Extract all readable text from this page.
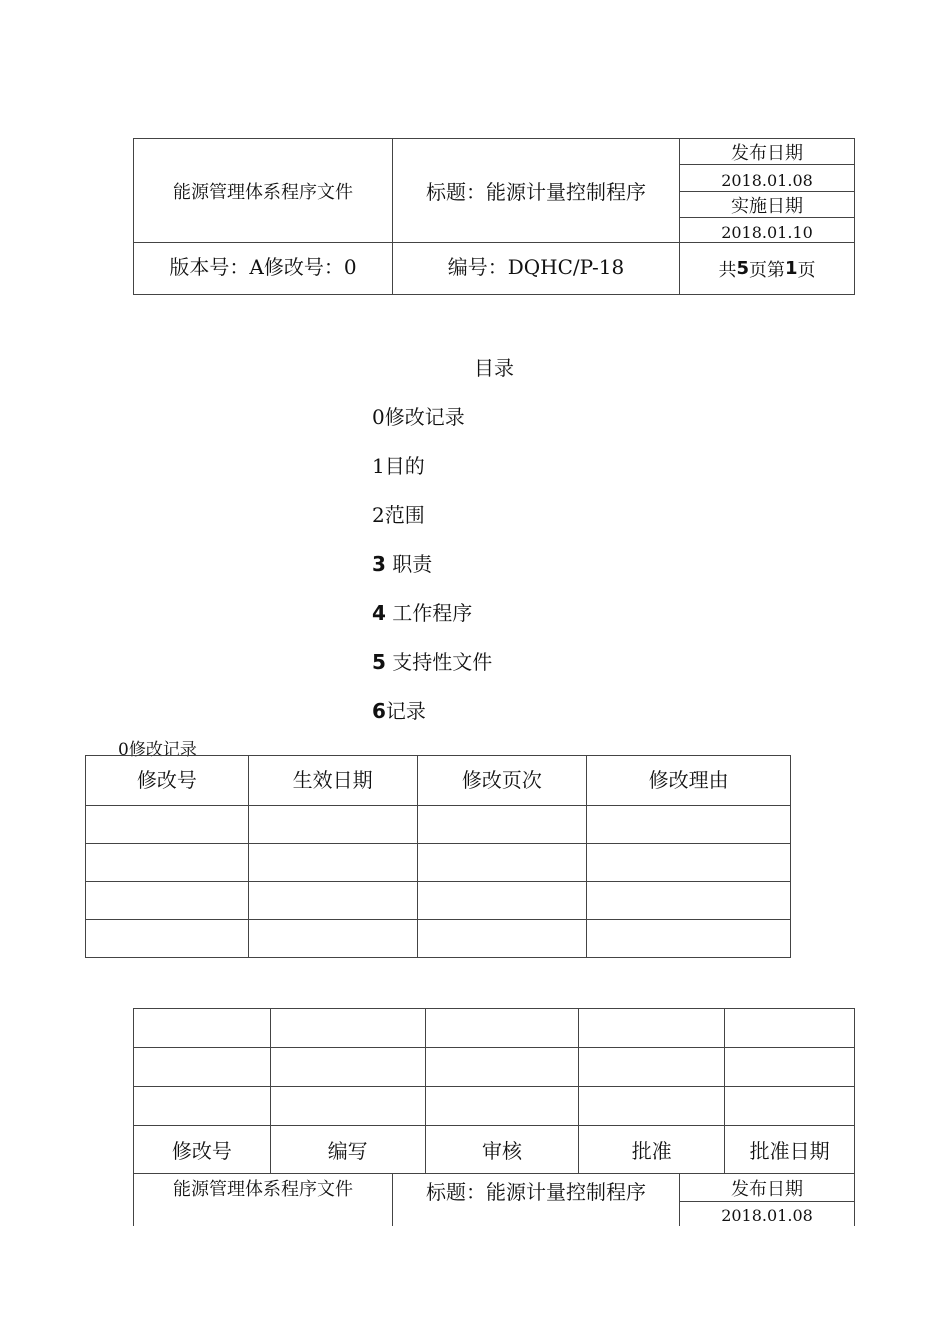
能源管理体系程序文件	标题：能源计量控制程序
发布日期
2018.01.08
实施日期
2018.01.10
版本号：A修改号：0	编号：DQHC/P-18	共 5 页第 1 页
目录
0修改记录
1目的
2范围
3 职责
4 工作程序
5 支持性文件
6记录
0修改记录
修改号	生效日期	修改页次	修改理由

修改号	编写	审核	批准	批准日期
能源管理体系程序文件	标题：能源计量控制程序	发布日期
2018.01.08
